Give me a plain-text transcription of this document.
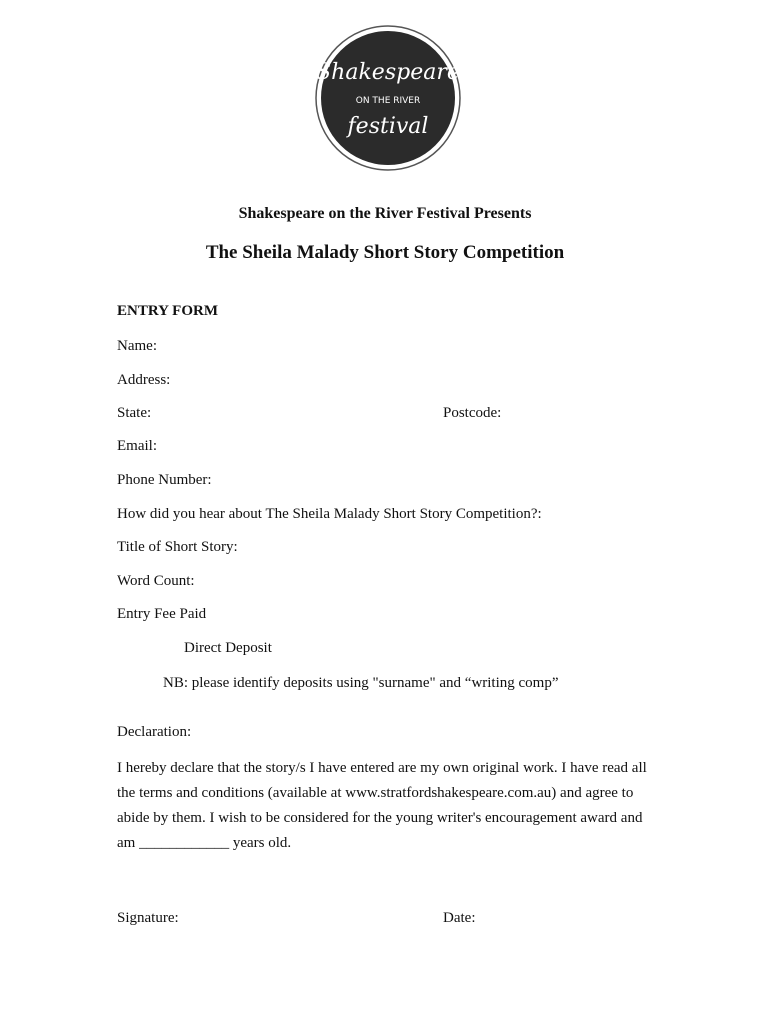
Shakespeare
ON THE RIVER
festival
Shakespeare on the River Festival Presents
The Sheila Malady Short Story Competition
ENTRY FORM
Name:
Address:
State:	Postcode:
Email:
Phone Number:
How did you hear about The Sheila Malady Short Story Competition?:
Title of Short Story:
Word Count:
Entry Fee Paid
Direct Deposit
NB: please identify deposits using "surname" and “writing comp”
Declaration:
I hereby declare that the story/s I have entered are my own original work. I have read all the terms and conditions (available at www.stratfordshakespeare.com.au) and agree to abide by them. I wish to be considered for the young writer's encouragement award and am ____________ years old.
Signature:	Date:
